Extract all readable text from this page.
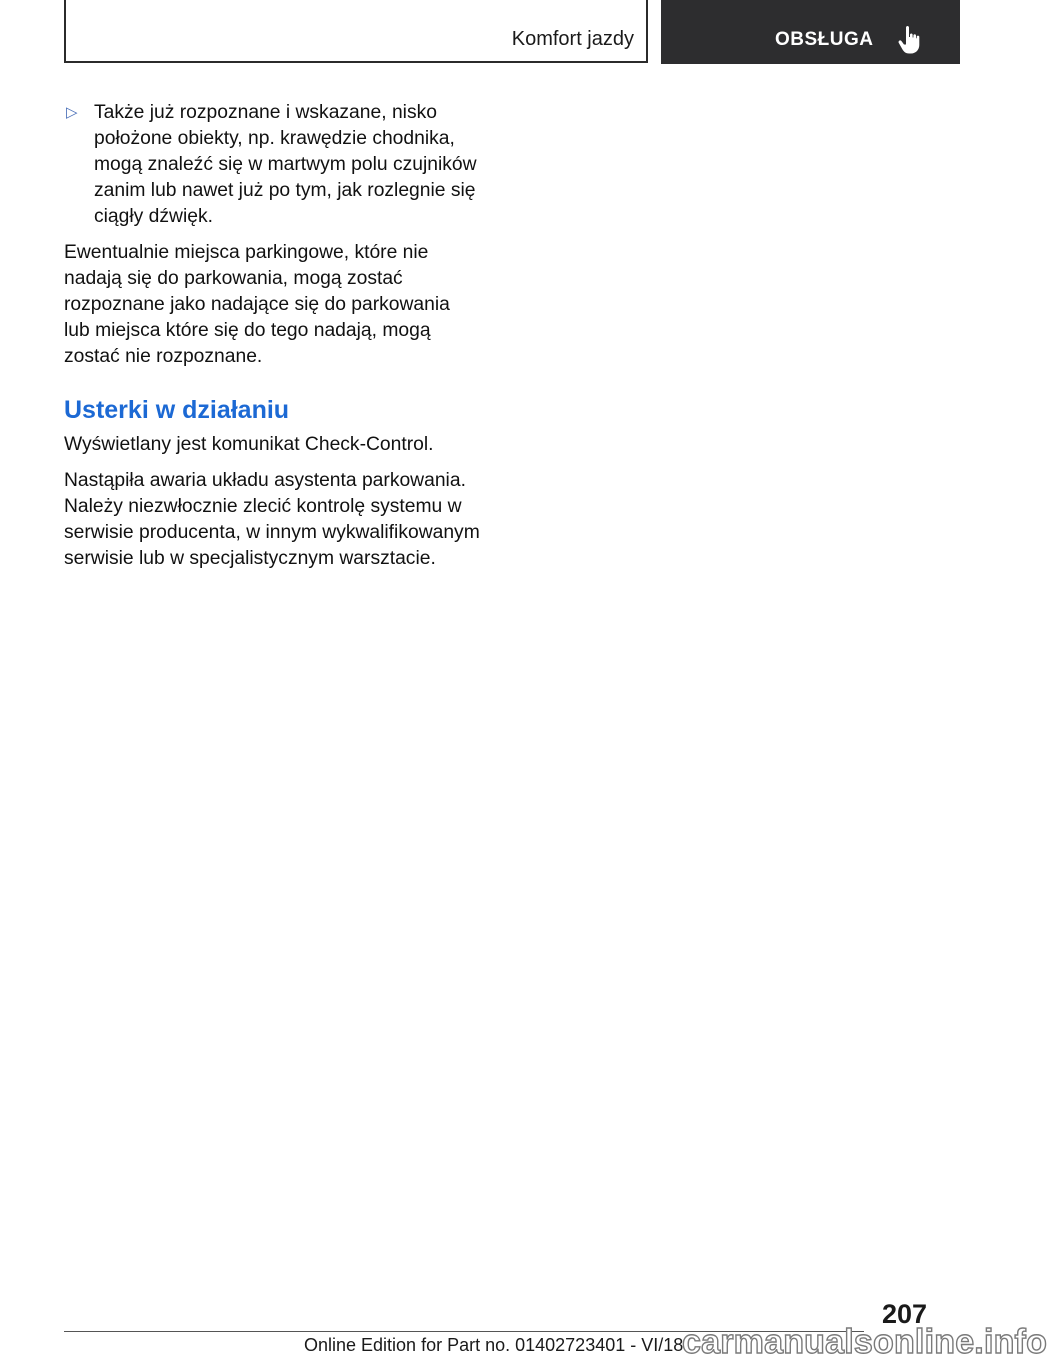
Komfort jazdy	OBSŁUGA
▷ Także już rozpoznane i wskazane, nisko położone obiekty, np. krawędzie chodnika, mogą znaleźć się w martwym polu czujników zanim lub nawet już po tym, jak rozlegnie się ciągły dźwięk.

Ewentualnie miejsca parkingowe, które nie nadają się do parkowania, mogą zostać rozpoznane jako nadające się do parkowania lub miejsca które się do tego nadają, mogą zostać nie rozpoznane.

Usterki w działaniu

Wyświetlany jest komunikat Check-Control.

Nastąpiła awaria układu asystenta parkowania. Należy niezwłocznie zlecić kontrolę systemu w serwisie producenta, w innym wykwalifikowanym serwisie lub w specjalistycznym warsztacie.

207
Online Edition for Part no. 01402723401 - VI/18
carmanualsonline.info
